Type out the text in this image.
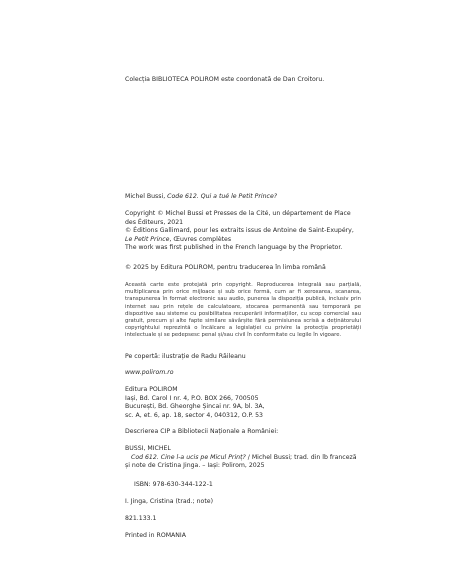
Colecția BIBLIOTECA POLIROM este coordonată de Dan Croitoru.

Michel Bussi, Code 612. Qui a tué le Petit Prince?

Copyright © Michel Bussi et Presses de la Cité, un département de Place des Éditeurs, 2021

© Éditions Gallimard, pour les extraits issus de Antoine de Saint-Exupéry,

Le Petit Prince, Œuvres complètes

The work was first published in the French language by the Proprietor.

© 2025 by Editura POLIROM, pentru traducerea în limba română

Această carte este protejată prin copyright. Reproducerea integrală sau parțială, multiplicarea prin orice mijloace și sub orice formă, cum ar fi xeroxarea, scanarea, transpunerea în format electronic sau audio, punerea la dispoziția publică, inclusiv prin internet sau prin rețele de calculatoare, stocarea permanentă sau temporară pe dispozitive sau sisteme cu posibilitatea recuperării informațiilor, cu scop comercial sau gratuit, precum și alte fapte similare săvârșite fără permisiunea scrisă a deținătorului copyrightului reprezintă o încălcare a legislației cu privire la protecția proprietății intelectuale și se pedepsesc penal și/sau civil în conformitate cu legile în vigoare.

Pe copertă: ilustrație de Radu Răileanu

www.polirom.ro

Editura POLIROM

Iași, Bd. Carol I nr. 4, P.O. BOX 266, 700505

București, Bd. Gheorghe Șincai nr. 9A, bl. 3A,

sc. A, et. 6, ap. 18, sector 4, 040312, O.P. 53

Descrierea CIP a Bibliotecii Naționale a României:

BUSSI, MICHEL

Cod 612. Cine l-a ucis pe Micul Prinț? / Michel Bussi; trad. din lb franceză

și note de Cristina Jinga. – Iași: Polirom, 2025

ISBN: 978-630-344-122-1

I. Jinga, Cristina (trad.; note)

821.133.1

Printed in ROMANIA
